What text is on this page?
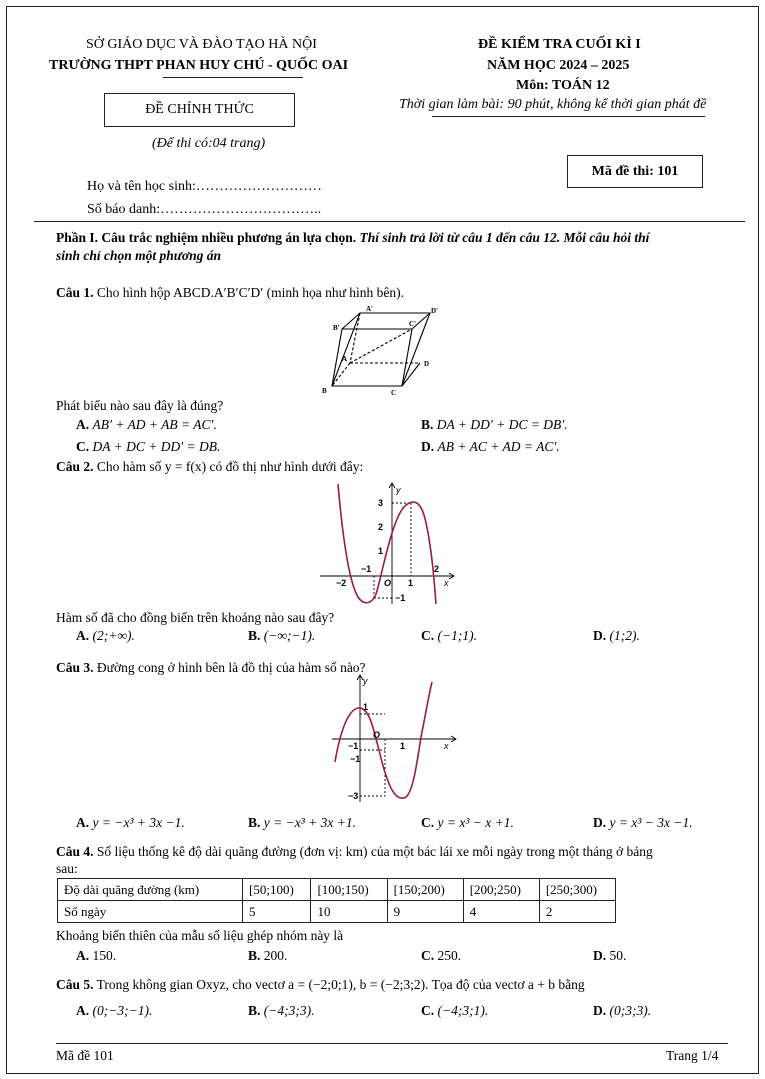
SỞ GIÁO DỤC VÀ ĐÀO TẠO HÀ NỘI
TRƯỜNG THPT PHAN HUY CHÚ - QUỐC OAI
ĐỀ CHÍNH THỨC
(Để thi có:04 trang)
Họ và tên học sinh:………………………
Số báo danh:……………………………..
ĐỀ KIỂM TRA CUỐI KÌ I
NĂM HỌC 2024 – 2025
Môn: TOÁN 12
Thời gian làm bài: 90 phút, không kể thời gian phát đề
Mã đề thi: 101
Phần I. Câu trắc nghiệm nhiều phương án lựa chọn. Thí sinh trả lời từ câu 1 đến câu 12. Mỗi câu hỏi thí
sinh chỉ chọn một phương án
Câu 1. Cho hình hộp ABCD.A′B′C′D′ (minh họa như hình bên).
A'	D'
B'	C'
A
D
B	C
Phát biểu nào sau đây là đúng?
A. AB′ + AD + AB = AC′.	B. DA + DD′ + DC = DB′.
C. DA + DC + DD′ = DB.	D. AB + AC + AD = AC′.
Câu 2. Cho hàm số y = f(x) có đồ thị như hình dưới đây:
3
2
1
−1
−2	O 1
2
−1
x
y
Hàm số đã cho đồng biến trên khoảng nào sau đây?
A. (2;+∞).	B. (−∞;−1).	C. (−1;1).	D. (1;2).
Câu 3. Đường cong ở hình bên là đồ thị của hàm số nào?
y
1
−1
O
1	x
−1
−3
A. y = −x³ + 3x −1.	B. y = −x³ + 3x +1.	C. y = x³ − x +1.	D. y = x³ − 3x −1.
Câu 4. Số liệu thống kê độ dài quãng đường (đơn vị: km) của một bác lái xe mỗi ngày trong một tháng ở bảng
sau:
Độ dài quãng đường (km)	[50;100)	[100;150)	[150;200)	[200;250)	[250;300)
Số ngày	5	10	9	4	2
Khoảng biến thiên của mẫu số liệu ghép nhóm này là
A. 150.	B. 200.	C. 250.	D. 50.
Câu 5. Trong không gian Oxyz, cho vectơ a = (−2;0;1), b = (−2;3;2). Tọa độ của vectơ a + b bằng
A. (0;−3;−1).	B. (−4;3;3).	C. (−4;3;1).	D. (0;3;3).
Mã đề 101	Trang 1/4
